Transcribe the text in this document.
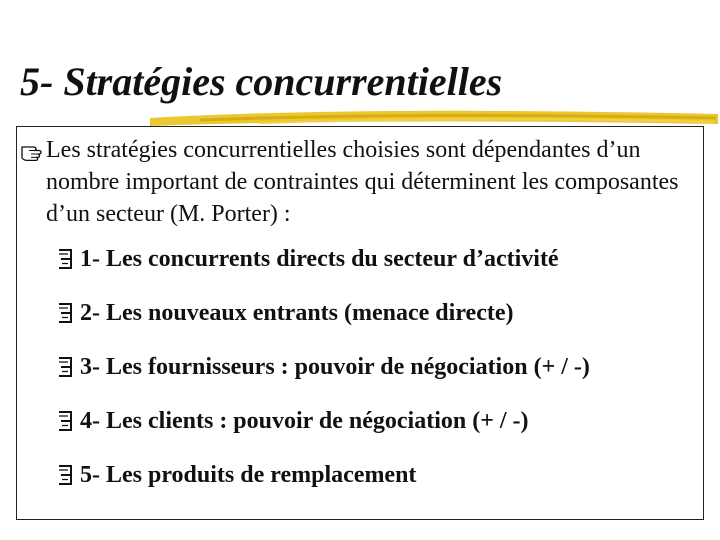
5- Stratégies concurrentielles
Les stratégies concurrentielles choisies sont dépendantes d’un nombre important de contraintes qui déterminent les composantes d’un secteur (M. Porter) :
1- Les concurrents directs du secteur d’activité
2- Les nouveaux entrants (menace directe)
3- Les fournisseurs : pouvoir de négociation (+ / -)
4- Les clients : pouvoir de négociation (+ / -)
5- Les produits de remplacement
